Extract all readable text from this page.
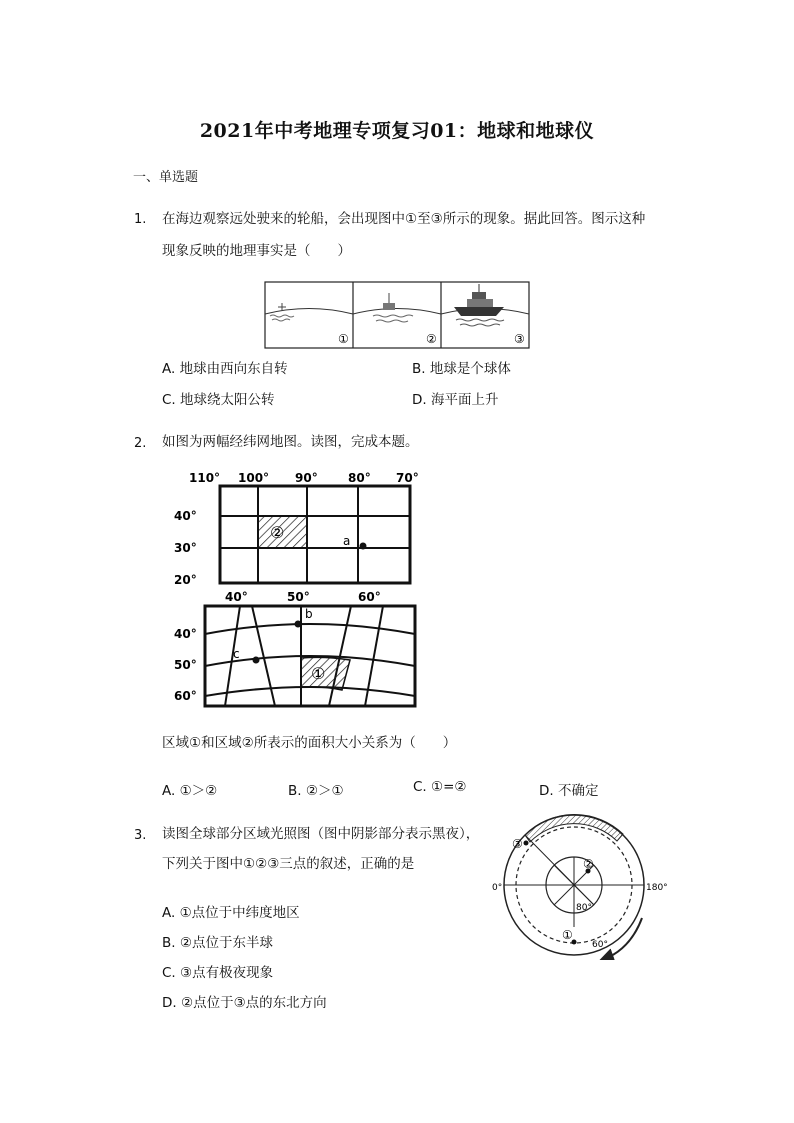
2021年中考地理专项复习01：地球和地球仪
一、单选题
1. 在海边观察远处驶来的轮船，会出现图中①至③所示的现象。据此回答。图示这种
现象反映的地理事实是（　　）
①	②	③
A. 地球由西向东自转	B. 地球是个球体
C. 地球绕太阳公转	D. 海平面上升
2. 如图为两幅经纬网地图。读图，完成本题。
110° 100° 90°	80° 70°
40°
30°
20°
②	a
40°	50°	60°
40°
50°
60°
①
b
c
区域①和区域②所表示的面积大小关系为（　　）
A. ①＞②	B. ②＞①	C. ①=②	D. 不确定
3. 读图全球部分区域光照图（图中阴影部分表示黑夜），
下列关于图中①②③三点的叙述，正确的是
A. ①点位于中纬度地区
B. ②点位于东半球
C. ③点有极夜现象
D. ②点位于③点的东北方向
0°	180°
80°
60°
①
②
③
